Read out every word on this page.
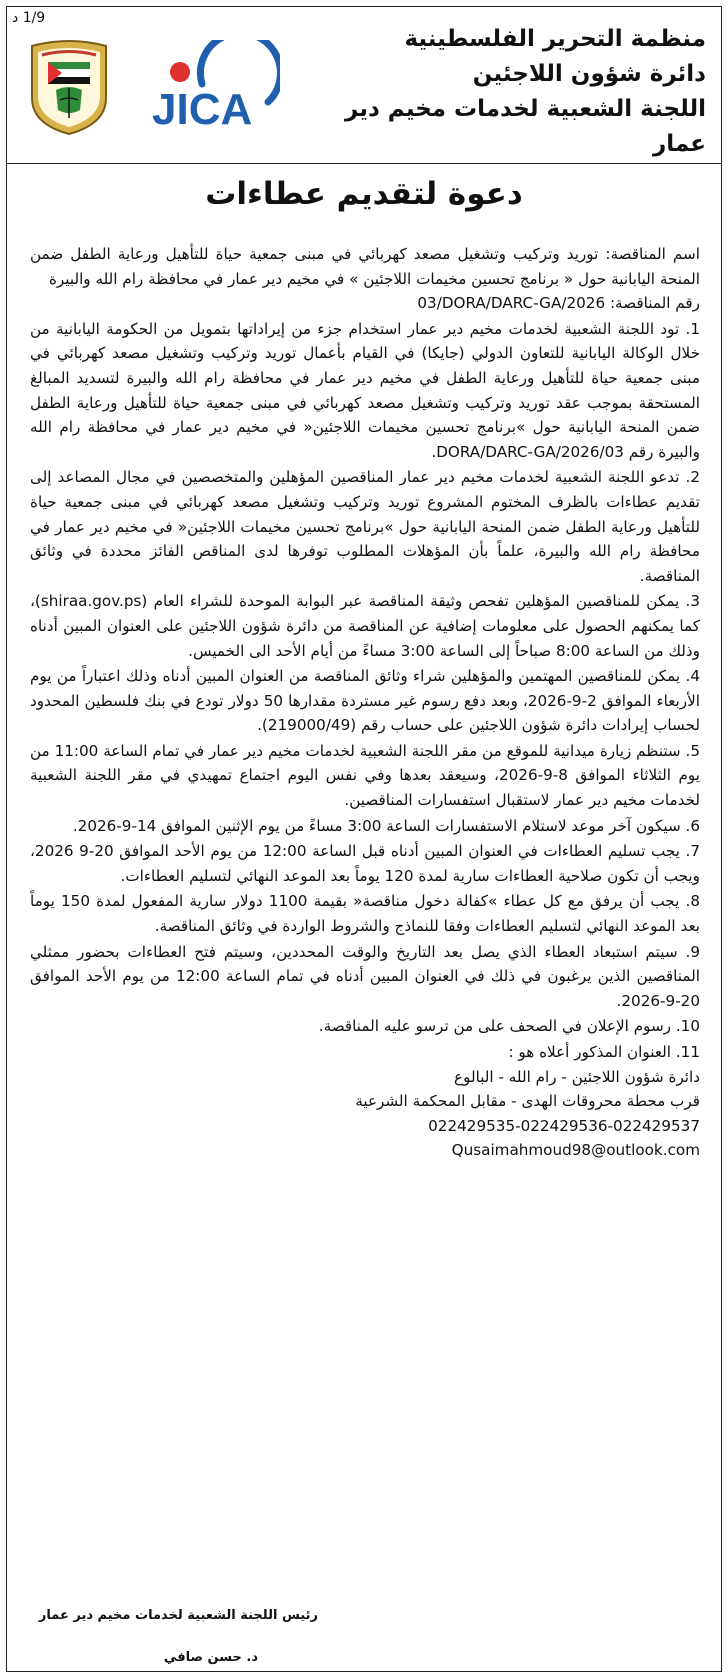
1/9 د
JICA
منظمة التحرير الفلسطينية
دائرة شؤون اللاجئين
اللجنة الشعبية لخدمات مخيم دير عمار
دعوة لتقديم عطاءات

اسم المناقصة: توريد وتركيب وتشغيل مصعد كهربائي في مبنى جمعية حياة للتأهيل ورعاية الطفل ضمن المنحة اليابانية حول « برنامج تحسين مخيمات اللاجئين » في مخيم دير عمار في محافظة رام الله والبيرة

رقم المناقصة: 03/DORA/DARC-GA/2026

1. تود اللجنة الشعبية لخدمات مخيم دير عمار استخدام جزء من إيراداتها بتمويل من الحكومة اليابانية من خلال الوكالة اليابانية للتعاون الدولي (جايكا) في القيام بأعمال توريد وتركيب وتشغيل مصعد كهربائي في مبنى جمعية حياة للتأهيل ورعاية الطفل في مخيم دير عمار في محافظة رام الله والبيرة لتسديد المبالغ المستحقة بموجب عقد توريد وتركيب وتشغيل مصعد كهربائي في مبنى جمعية حياة للتأهيل ورعاية الطفل ضمن المنحة اليابانية حول »برنامج تحسين مخيمات اللاجئين« في مخيم دير عمار في محافظة رام الله والبيرة رقم 03/DORA/DARC-GA/2026.

2. تدعو اللجنة الشعبية لخدمات مخيم دير عمار المناقصين المؤهلين والمتخصصين في مجال المصاعد إلى تقديم عطاءات بالظرف المختوم المشروع توريد وتركيب وتشغيل مصعد كهربائي في مبنى جمعية حياة للتأهيل ورعاية الطفل ضمن المنحة اليابانية حول »برنامج تحسين مخيمات اللاجئين« في مخيم دير عمار في محافظة رام الله والبيرة، علماً بأن المؤهلات المطلوب توفرها لدى المناقص الفائز محددة في وثائق المناقصة.

3. يمكن للمناقصين المؤهلين تفحص وثيقة المناقصة عبر البوابة الموحدة للشراء العام (shiraa.gov.ps)، كما يمكنهم الحصول على معلومات إضافية عن المناقصة من دائرة شؤون اللاجئين على العنوان المبين أدناه وذلك من الساعة 8:00 صباحاً إلى الساعة 3:00 مساءً من أيام الأحد الى الخميس.

4. يمكن للمناقصين المهتمين والمؤهلين شراء وثائق المناقصة من العنوان المبين أدناه وذلك اعتباراً من يوم الأربعاء الموافق 2-9-2026، وبعد دفع رسوم غير مستردة مقدارها 50 دولار تودع في بنك فلسطين المحدود لحساب إيرادات دائرة شؤون اللاجئين على حساب رقم (219000/49).

5. ستنظم زيارة ميدانية للموقع من مقر اللجنة الشعبية لخدمات مخيم دير عمار في تمام الساعة 11:00 من يوم الثلاثاء الموافق 8-9-2026، وسيعقد بعدها وفي نفس اليوم اجتماع تمهيدي في مقر اللجنة الشعبية لخدمات مخيم دير عمار لاستقبال استفسارات المناقصين.

6. سيكون آخر موعد لاستلام الاستفسارات الساعة 3:00 مساءً من يوم الإثنين الموافق 14-9-2026.

7. يجب تسليم العطاءات في العنوان المبين أدناه قبل الساعة 12:00 من يوم الأحد الموافق 20-9 2026، ويجب أن تكون صلاحية العطاءات سارية لمدة 120 يوماً بعد الموعد النهائي لتسليم العطاءات.

8. يجب أن يرفق مع كل عطاء »كفالة دخول مناقصة« بقيمة 1100 دولار سارية المفعول لمدة 150 يوماً بعد الموعد النهائي لتسليم العطاءات وفقا للنماذج والشروط الواردة في وثائق المناقصة.

9. سيتم استبعاد العطاء الذي يصل بعد التاريخ والوقت المحددين، وسيتم فتح العطاءات بحضور ممثلي المناقصين الذين يرغبون في ذلك في العنوان المبين أدناه في تمام الساعة 12:00 من يوم الأحد الموافق 20-9-2026.

10. رسوم الإعلان في الصحف على من ترسو عليه المناقصة.

11. العنوان المذكور أعلاه هو :

دائرة شؤون اللاجئين - رام الله - البالوع

قرب محطة محروقات الهدى - مقابل المحكمة الشرعية

022429535-022429536-022429537

Qusaimahmoud98@outlook.com

رئيس اللجنة الشعبية لخدمات مخيم دير عمار
د. حسن صافي
